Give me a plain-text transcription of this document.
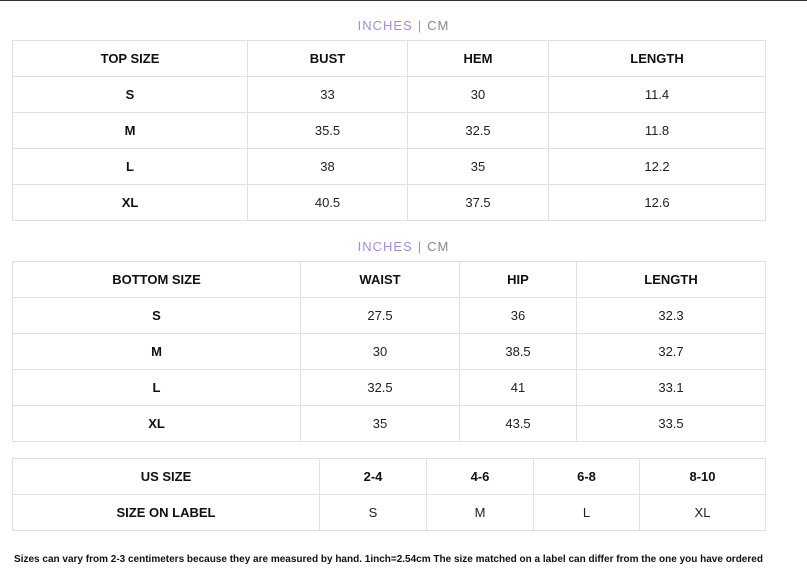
INCHES | CM
TOP SIZE	BUST	HEM	LENGTH
S	33	30	11.4
M	35.5	32.5	11.8
L	38	35	12.2
XL	40.5	37.5	12.6
INCHES | CM
BOTTOM SIZE	WAIST	HIP	LENGTH
S	27.5	36	32.3
M	30	38.5	32.7
L	32.5	41	33.1
XL	35	43.5	33.5
US SIZE	2-4	4-6	6-8	8-10
SIZE ON LABEL	S	M	L	XL
Sizes can vary from 2-3 centimeters because they are measured by hand. 1inch=2.54cm The size matched on a label can differ from the one you have ordered
